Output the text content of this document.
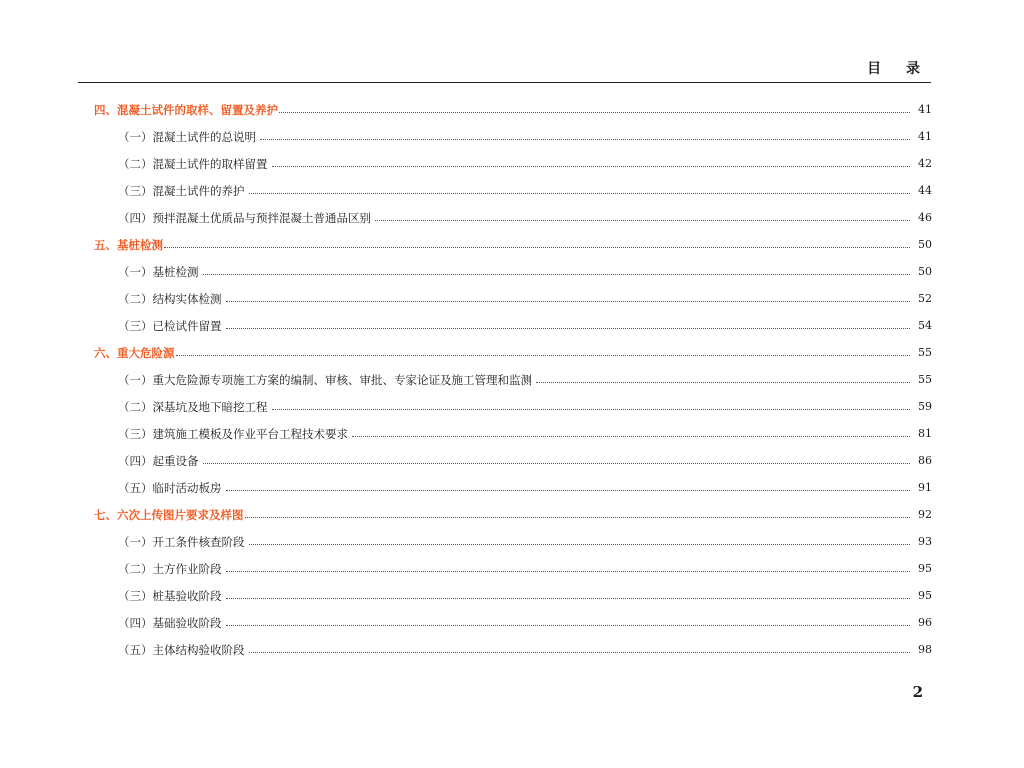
目 录
四、混凝土试件的取样、留置及养护	41
（一）混凝土试件的总说明	41
（二）混凝土试件的取样留置	42
（三）混凝土试件的养护	44
（四）预拌混凝土优质品与预拌混凝土普通品区别	46
五、基桩检测	50
（一）基桩检测	50
（二）结构实体检测	52
（三）已检试件留置	54
六、重大危险源	55
（一）重大危险源专项施工方案的编制、审核、审批、专家论证及施工管理和监测	55
（二）深基坑及地下暗挖工程	59
（三）建筑施工模板及作业平台工程技术要求	81
（四）起重设备	86
（五）临时活动板房	91
七、六次上传图片要求及样图	92
（一）开工条件核查阶段	93
（二）土方作业阶段	95
（三）桩基验收阶段	95
（四）基础验收阶段	96
（五）主体结构验收阶段	98
2
